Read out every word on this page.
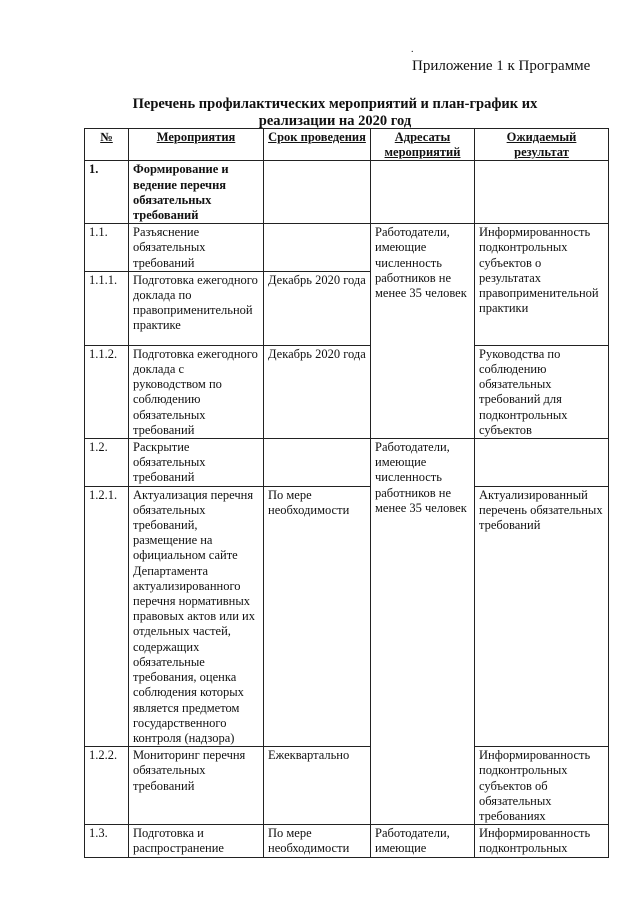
.
Приложение 1 к Программе
Перечень профилактических мероприятий и план-график их
реализации на 2020 год
№	Мероприятия	Срок проведения	Адресаты мероприятий	Ожидаемый результат
1.	Формирование и ведение перечня обязательных требований			
1.1.	Разъяснение обязательных требований		Работодатели, имеющие численность работников не менее 35 человек	Информированность подконтрольных субъектов о результатах правоприменительной практики
1.1.1.	Подготовка ежегодного доклада по правоприменительной практике	Декабрь 2020 года		
1.1.2.	Подготовка ежегодного доклада с руководством по соблюдению обязательных требований	Декабрь 2020 года		Руководства по соблюдению обязательных требований для подконтрольных субъектов
1.2.	Раскрытие обязательных требований		Работодатели, имеющие численность работников не менее 35 человек	
1.2.1.	Актуализация перечня обязательных требований, размещение на официальном сайте Департамента актуализированного перечня нормативных правовых актов или их отдельных частей, содержащих обязательные требования, оценка соблюдения которых является предметом государственного контроля (надзора)	По мере необходимости		Актуализированный перечень обязательных требований
1.2.2.	Мониторинг перечня обязательных требований	Ежеквартально		Информированность подконтрольных субъектов об обязательных требованиях
1.3.	Подготовка и распространение	По мере необходимости	Работодатели, имеющие	Информированность подконтрольных
